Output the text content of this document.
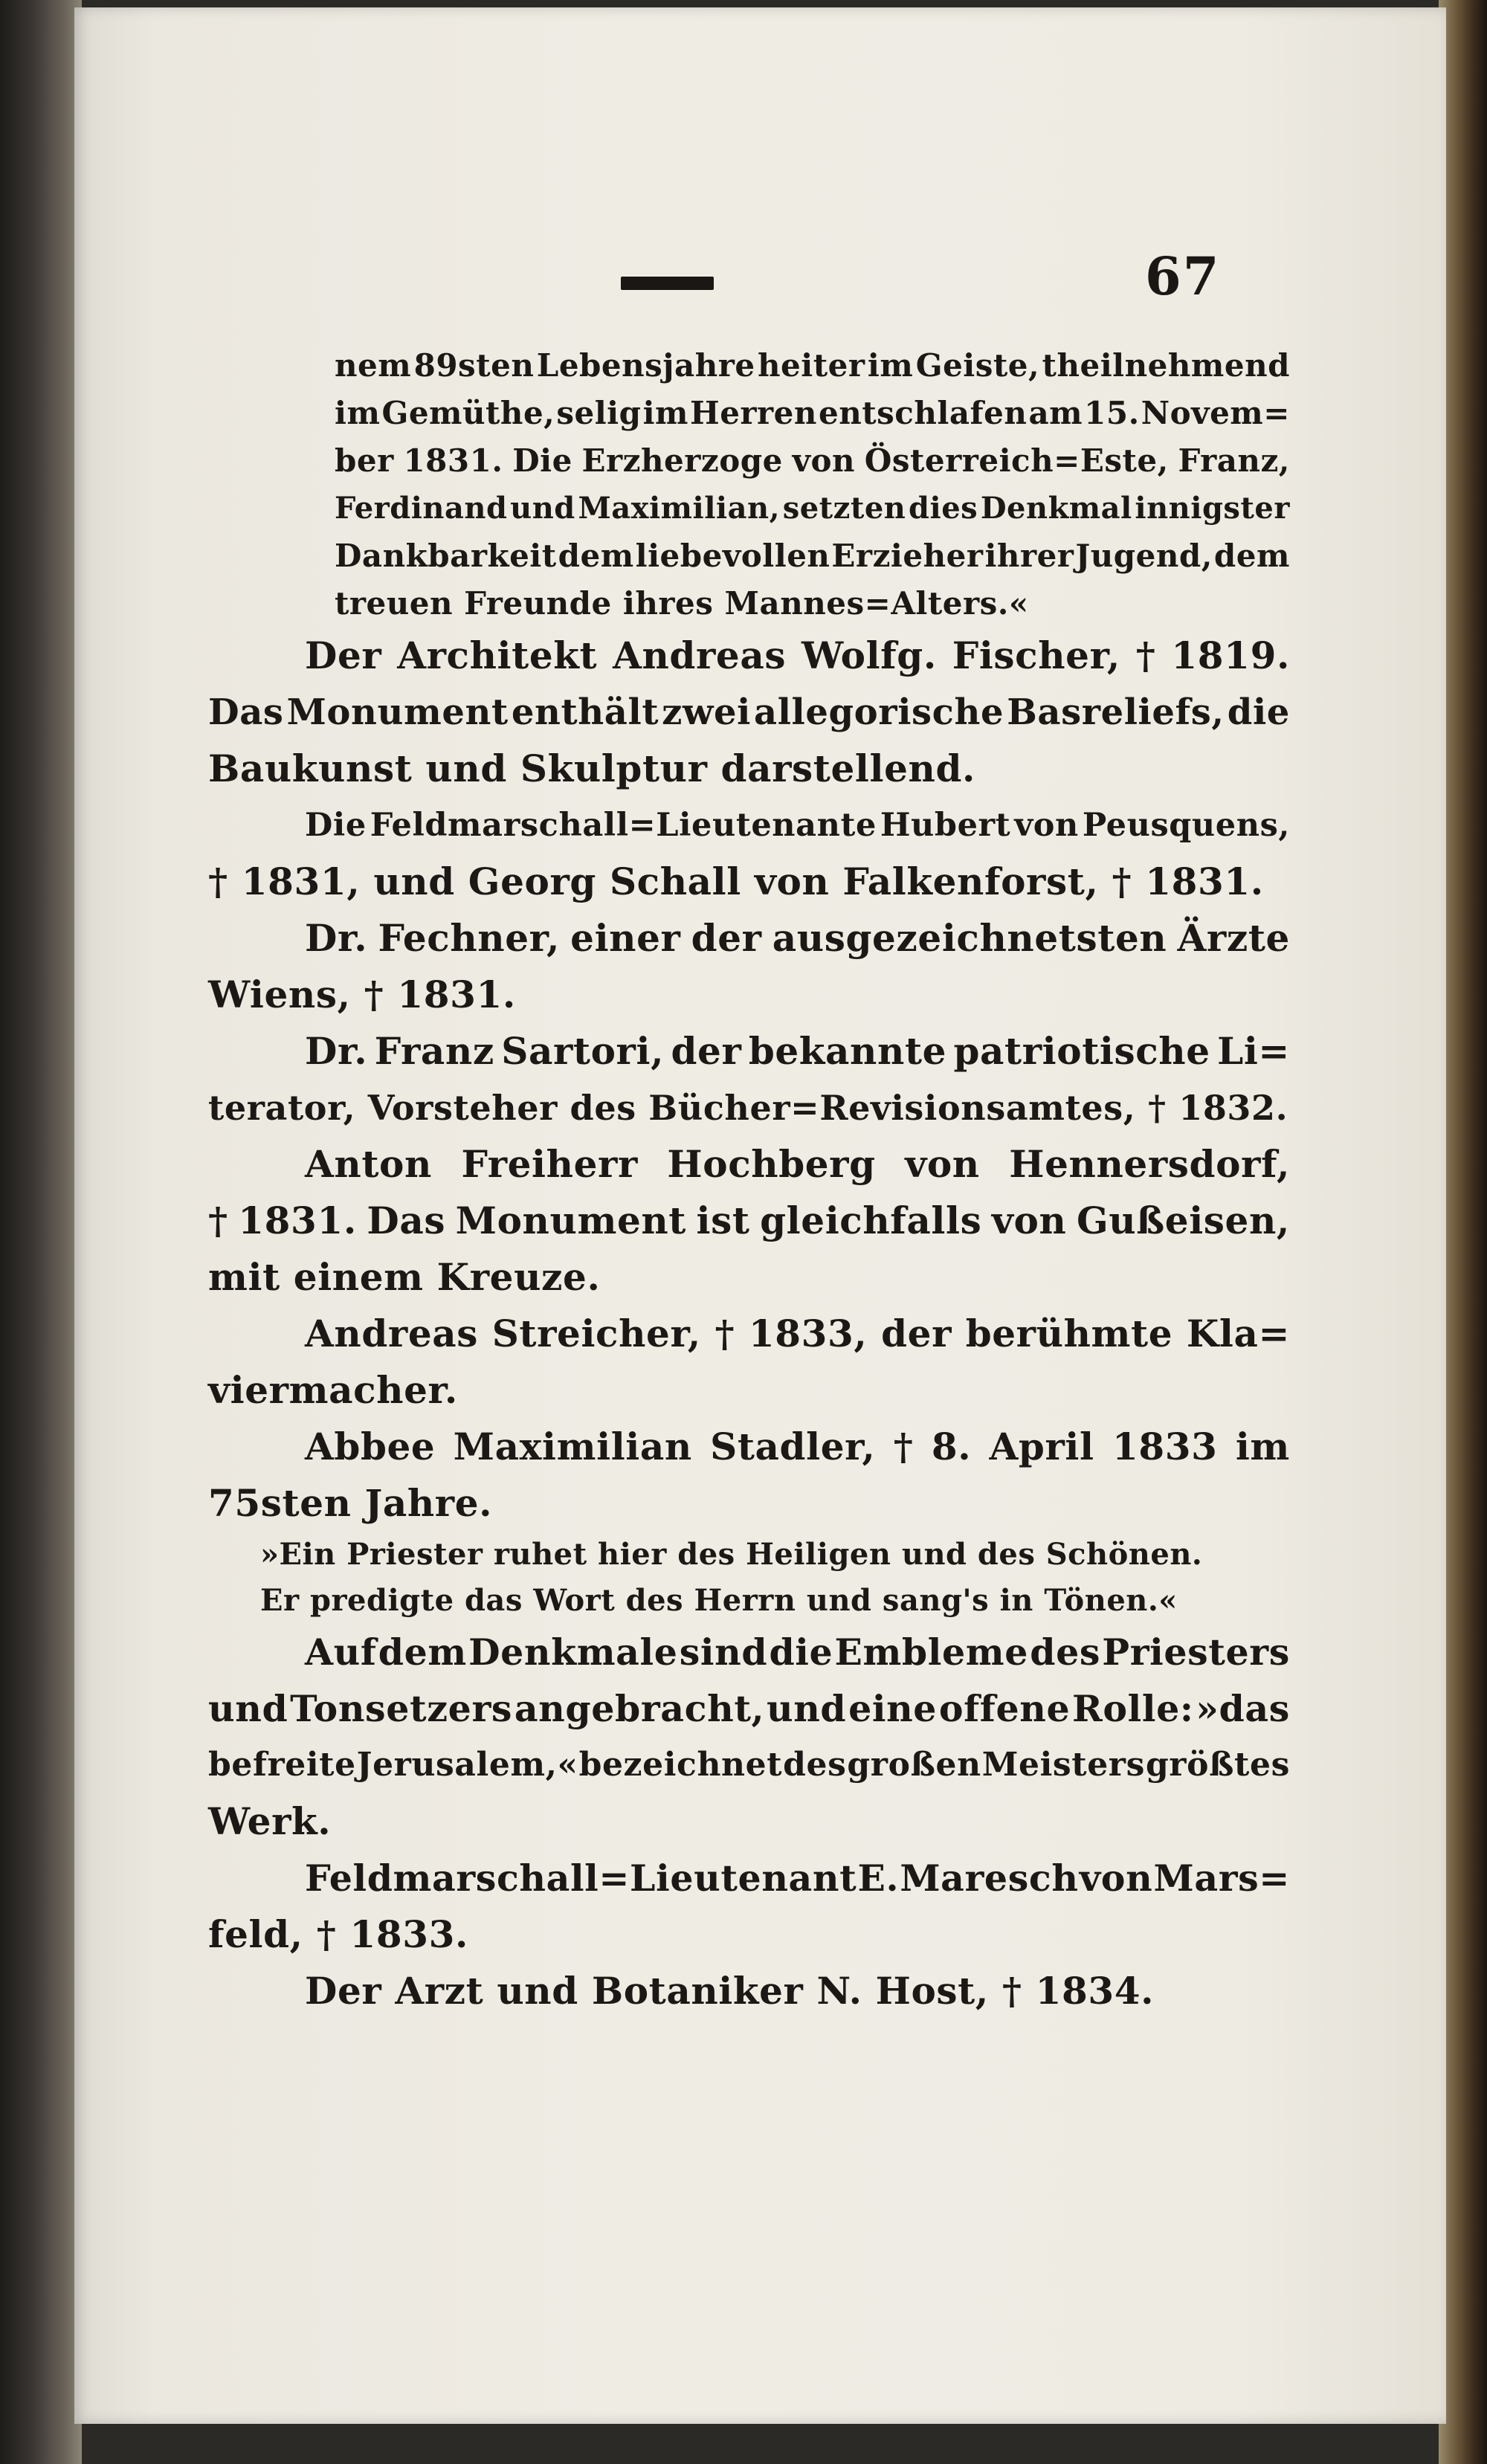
67
nem 89sten Lebensjahre heiter im Geiste, theilnehmend
im Gemüthe, selig im Herren entschlafen am 15. Novem=
ber 1831. Die Erzherzoge von Österreich=Este, Franz,
Ferdinand und Maximilian, setzten dies Denkmal innigster
Dankbarkeit dem liebevollen Erzieher ihrer Jugend, dem
treuen Freunde ihres Mannes=Alters.«
Der Architekt Andreas Wolfg. Fischer, † 1819.
Das Monument enthält zwei allegorische Basreliefs, die
Baukunst und Skulptur darstellend.
Die Feldmarschall=Lieutenante Hubert von Peusquens,
† 1831, und Georg Schall von Falkenforst, † 1831.
Dr. Fechner, einer der ausgezeichnetsten Ärzte
Wiens, † 1831.
Dr. Franz Sartori, der bekannte patriotische Li=
terator, Vorsteher des Bücher=Revisionsamtes, † 1832.
Anton Freiherr Hochberg von Hennersdorf,
† 1831. Das Monument ist gleichfalls von Gußeisen,
mit einem Kreuze.
Andreas Streicher, † 1833, der berühmte Kla=
viermacher.
Abbee Maximilian Stadler, † 8. April 1833 im
75sten Jahre.
»Ein Priester ruhet hier des Heiligen und des Schönen.
Er predigte das Wort des Herrn und sang's in Tönen.«
Auf dem Denkmale sind die Embleme des Priesters
und Tonsetzers angebracht, und eine offene Rolle: »das
befreite Jerusalem,« bezeichnet des großen Meisters größtes
Werk.
Feldmarschall=Lieutenant E. Maresch von Mars=
feld, † 1833.
Der Arzt und Botaniker N. Host, † 1834.
